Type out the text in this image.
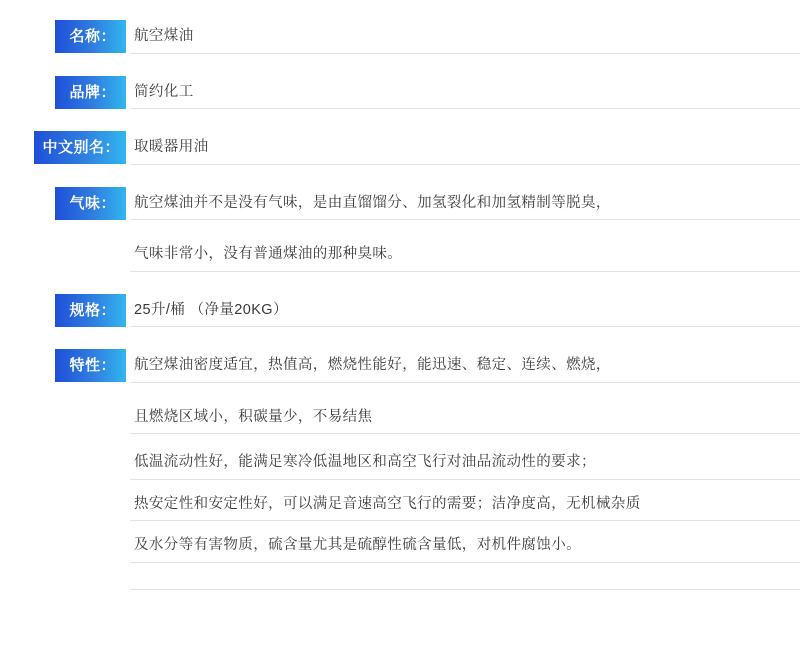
名称：	航空煤油
品牌：	简约化工
中文别名： 取暖器用油
气味：	航空煤油并不是没有气味，是由直馏馏分、加氢裂化和加氢精制等脱臭，
气味非常小，没有普通煤油的那种臭味。
规格：	25升/桶 （净量20KG）
特性：	航空煤油密度适宜，热值高，燃烧性能好，能迅速、稳定、连续、燃烧，
且燃烧区域小，积碳量少，不易结焦
低温流动性好，能满足寒冷低温地区和高空飞行对油品流动性的要求；
热安定性和安定性好，可以满足音速高空飞行的需要；洁净度高，无机械杂质
及水分等有害物质，硫含量尤其是硫醇性硫含量低，对机件腐蚀小。
